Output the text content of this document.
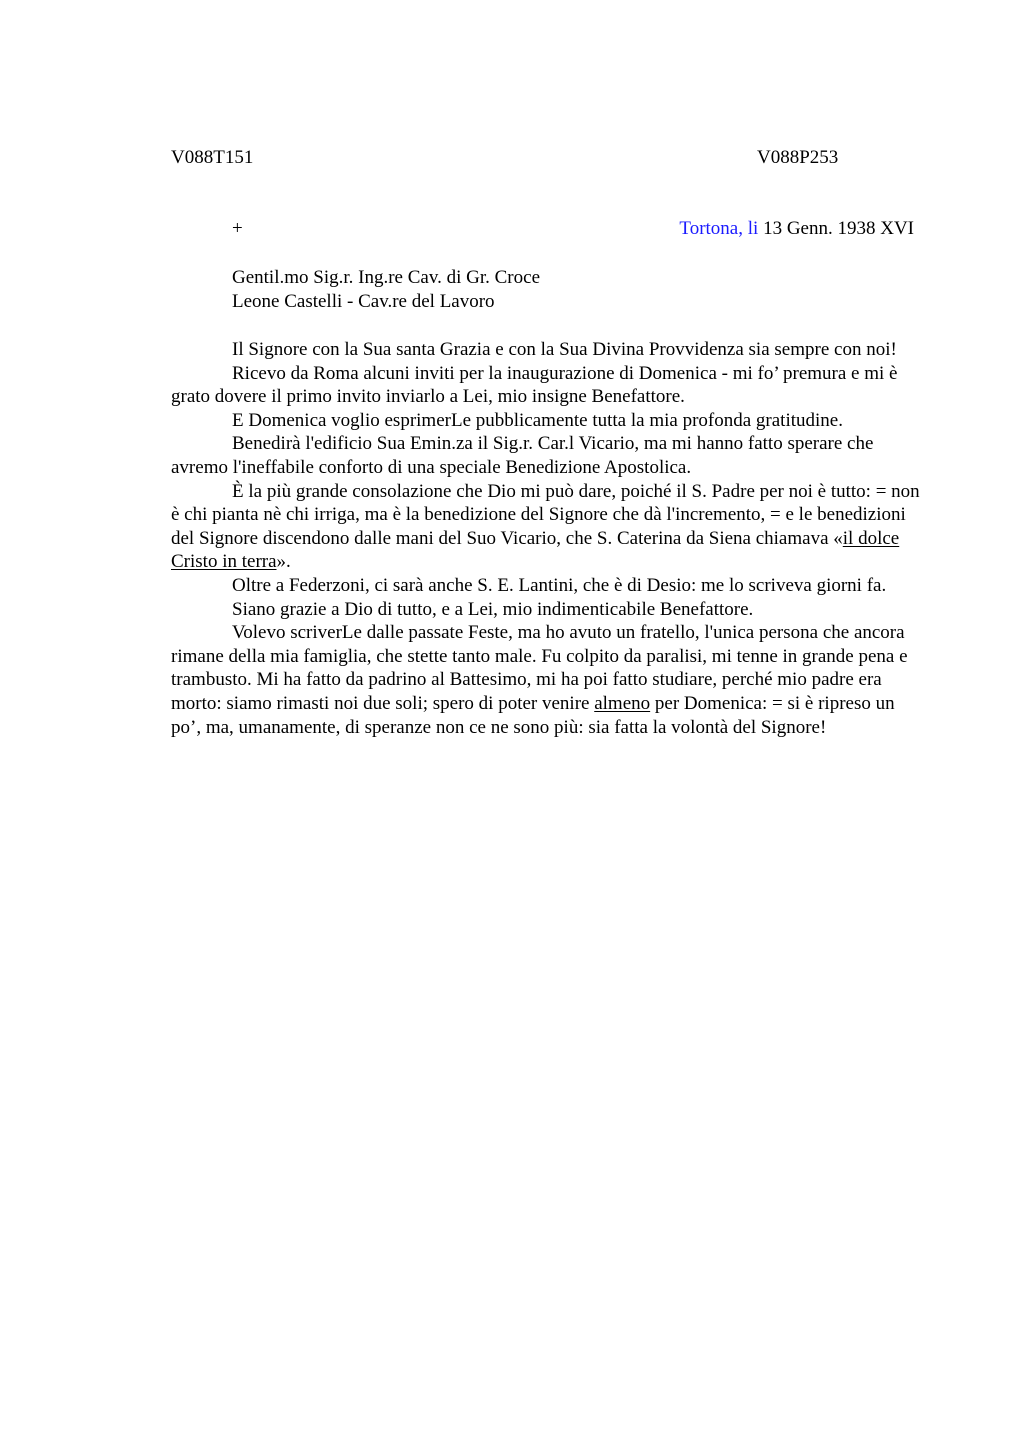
V088T151	V088P253
+	Tortona, li 13 Genn. 1938 XVI
Gentil.mo Sig.r. Ing.re Cav. di Gr. Croce
Leone Castelli - Cav.re del Lavoro

Il Signore con la Sua santa Grazia e con la Sua Divina Provvidenza sia sempre con noi!

Ricevo da Roma alcuni inviti per la inaugurazione di Domenica - mi fo’ premura e mi è grato dovere il primo invito inviarlo a Lei, mio insigne Benefattore.

E Domenica voglio esprimerLe pubblicamente tutta la mia profonda gratitudine.

Benedirà l'edificio Sua Emin.za il Sig.r. Car.l Vicario, ma mi hanno fatto sperare che avremo l'ineffabile conforto di una speciale Benedizione Apostolica.

È la più grande consolazione che Dio mi può dare, poiché il S. Padre per noi è tutto: = non è chi pianta nè chi irriga, ma è la benedizione del Signore che dà l'incremento, = e le benedizioni del Signore discendono dalle mani del Suo Vicario, che S. Caterina da Siena chiamava «il dolce Cristo in terra».

Oltre a Federzoni, ci sarà anche S. E. Lantini, che è di Desio: me lo scriveva giorni fa.

Siano grazie a Dio di tutto, e a Lei, mio indimenticabile Benefattore.

Volevo scriverLe dalle passate Feste, ma ho avuto un fratello, l'unica persona che ancora rimane della mia famiglia, che stette tanto male. Fu colpito da paralisi, mi tenne in grande pena e trambusto. Mi ha fatto da padrino al Battesimo, mi ha poi fatto studiare, perché mio padre era morto: siamo rimasti noi due soli; spero di poter venire almeno per Domenica: = si è ripreso un po’, ma, umanamente, di speranze non ce ne sono più: sia fatta la volontà del Signore!
